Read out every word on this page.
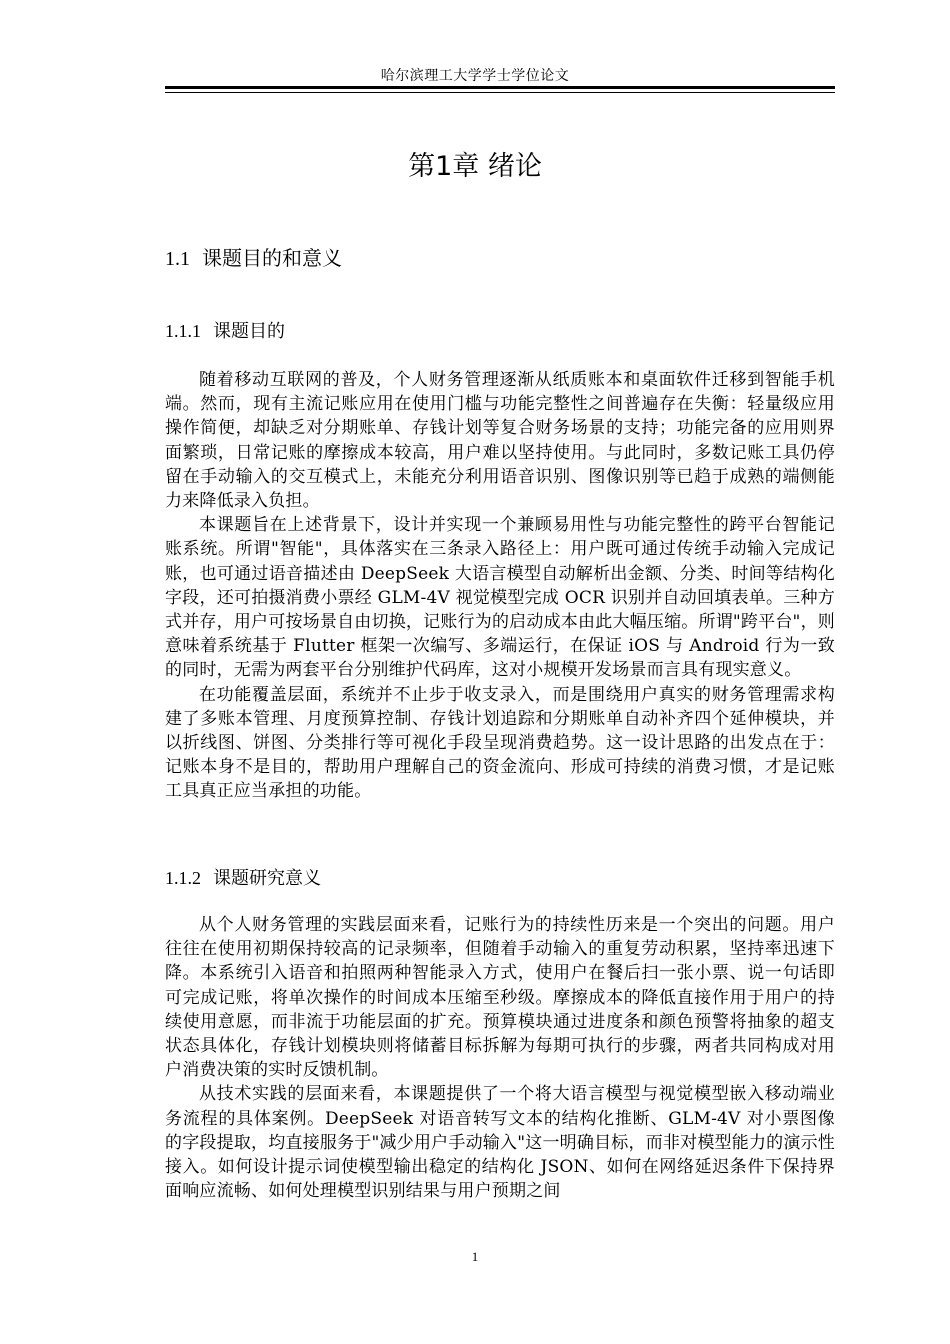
哈尔滨理工大学学士学位论文
第1章 绪论
1.1 课题目的和意义
1.1.1 课题目的

随着移动互联网的普及，个人财务管理逐渐从纸质账本和桌面软件迁移到智能手机端。然而，现有主流记账应用在使用门槛与功能完整性之间普遍存在失衡：轻量级应用操作简便，却缺乏对分期账单、存钱计划等复合财务场景的支持；功能完备的应用则界面繁琐，日常记账的摩擦成本较高，用户难以坚持使用。与此同时，多数记账工具仍停留在手动输入的交互模式上，未能充分利用语音识别、图像识别等已趋于成熟的端侧能力来降低录入负担。

本课题旨在上述背景下，设计并实现一个兼顾易用性与功能完整性的跨平台智能记账系统。所谓"智能"，具体落实在三条录入路径上：用户既可通过传统手动输入完成记账，也可通过语音描述由 DeepSeek 大语言模型自动解析出金额、分类、时间等结构化字段，还可拍摄消费小票经 GLM-4V 视觉模型完成 OCR 识别并自动回填表单。三种方式并存，用户可按场景自由切换，记账行为的启动成本由此大幅压缩。所谓"跨平台"，则意味着系统基于 Flutter 框架一次编写、多端运行，在保证 iOS 与 Android 行为一致的同时，无需为两套平台分别维护代码库，这对小规模开发场景而言具有现实意义。

在功能覆盖层面，系统并不止步于收支录入，而是围绕用户真实的财务管理需求构建了多账本管理、月度预算控制、存钱计划追踪和分期账单自动补齐四个延伸模块，并以折线图、饼图、分类排行等可视化手段呈现消费趋势。这一设计思路的出发点在于：记账本身不是目的，帮助用户理解自己的资金流向、形成可持续的消费习惯，才是记账工具真正应当承担的功能。

1.1.2 课题研究意义

从个人财务管理的实践层面来看，记账行为的持续性历来是一个突出的问题。用户往往在使用初期保持较高的记录频率，但随着手动输入的重复劳动积累，坚持率迅速下降。本系统引入语音和拍照两种智能录入方式，使用户在餐后扫一张小票、说一句话即可完成记账，将单次操作的时间成本压缩至秒级。摩擦成本的降低直接作用于用户的持续使用意愿，而非流于功能层面的扩充。预算模块通过进度条和颜色预警将抽象的超支状态具体化，存钱计划模块则将储蓄目标拆解为每期可执行的步骤，两者共同构成对用户消费决策的实时反馈机制。

从技术实践的层面来看，本课题提供了一个将大语言模型与视觉模型嵌入移动端业务流程的具体案例。DeepSeek 对语音转写文本的结构化推断、GLM-4V 对小票图像的字段提取，均直接服务于"减少用户手动输入"这一明确目标，而非对模型能力的演示性接入。如何设计提示词使模型输出稳定的结构化 JSON、如何在网络延迟条件下保持界面响应流畅、如何处理模型识别结果与用户预期之间

1
